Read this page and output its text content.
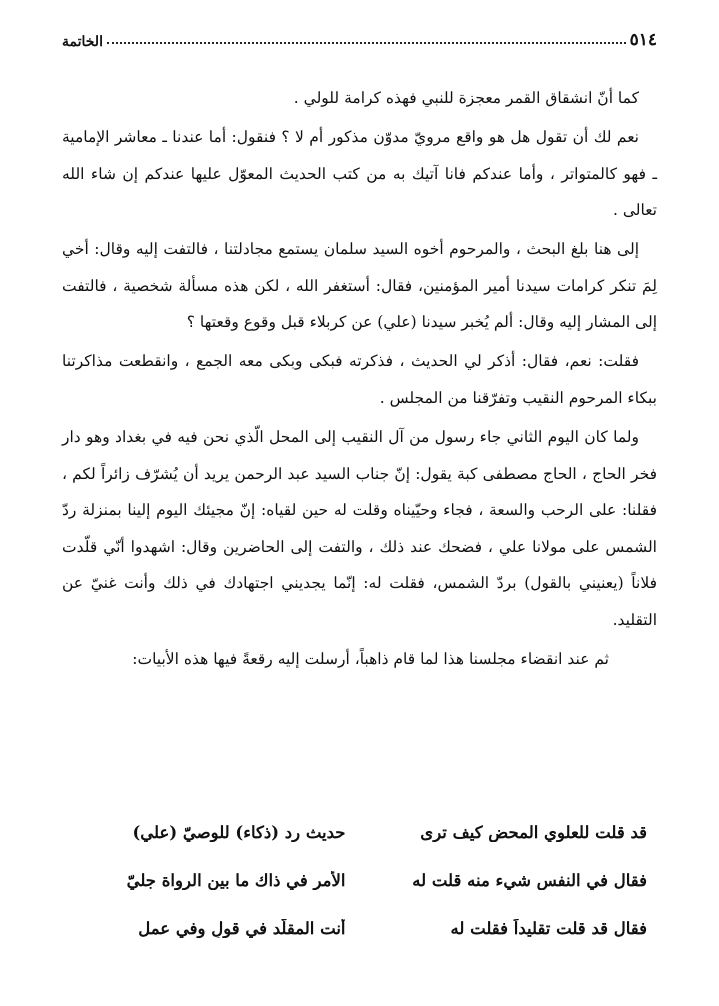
٥١٤
الخاتمة

كما أنّ انشقاق القمر معجزة للنبي فهذه كرامة للولي .

نعم لك أن تقول هل هو واقع مرويّ مدوّن مذكور أم لا ؟ فنقول: أما عندنا ـ معاشر الإمامية ـ فهو كالمتواتر ، وأما عندكم فانا آتيك به من كتب الحديث المعوّل عليها عندكم إن شاء الله تعالى .

إلى هنا بلغ البحث ، والمرحوم أخوه السيد سلمان يستمع مجادلتنا ، فالتفت إليه وقال: أخي لِمَ تنكر كرامات سيدنا أمير المؤمنين، فقال: أستغفر الله ، لكن هذه مسألة شخصية ، فالتفت إلى المشار إليه وقال: ألم يُخبر سيدنا (علي) عن كربلاء قبل وقوع وقعتها ؟

فقلت: نعم، فقال: أذكر لي الحديث ، فذكرته فبكى وبكى معه الجمع ، وانقطعت مذاكرتنا ببكاء المرحوم النقيب وتفرّقنا من المجلس .

ولما كان اليوم الثاني جاء رسول من آل النقيب إلى المحل الّذي نحن فيه في بغداد وهو دار فخر الحاج ، الحاج مصطفى كبة يقول: إنّ جناب السيد عبد الرحمن يريد أن يُشرّف زائراً لكم ، فقلنا: على الرحب والسعة ، فجاء وحيّيناه وقلت له حين لقياه: إنّ مجيئك اليوم إلينا بمنزلة ردّ الشمس على مولانا علي ، فضحك عند ذلك ، والتفت إلى الحاضرين وقال: اشهدوا أنّي قلّدت فلاناً (يعنيني بالقول) بردّ الشمس، فقلت له: إنّما يجديني اجتهادك في ذلك وأنت غنيّ عن التقليد.

ثم عند انقضاء مجلسنا هذا لما قام ذاهباً، أرسلت إليه رقعةً فيها هذه الأبيات:

قد قلت للعلوي المحض كيف ترى
حديث رد (ذكاء) للوصيّ (علي)
فقال في النفس شيء منه قلت له
الأمر في ذاك ما بين الرواة جليّ
فقال قد قلت تقليداً فقلت له
أنت المقلّد في قولٍ وفي عمل
